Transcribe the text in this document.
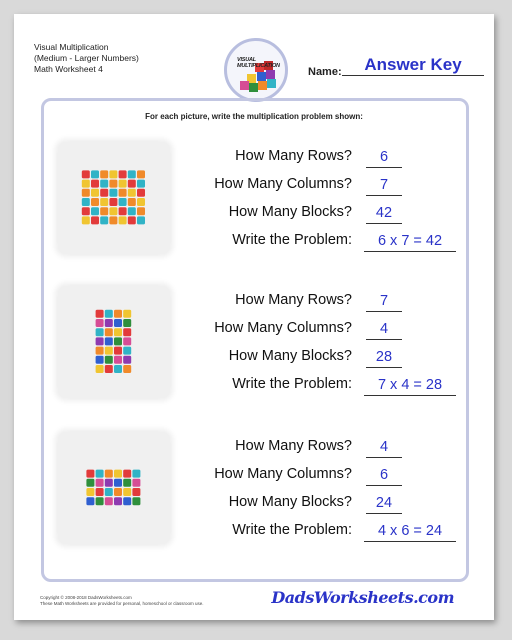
Visual Multiplication
(Medium - Larger Numbers)
Math Worksheet 4
VISUAL MULTIPLICATION	Name:	Answer Key
For each picture, write the multiplication problem shown:
How Many Rows?	6
How Many Columns?	7
How Many Blocks?	42
Write the Problem:	6 x 7 = 42
How Many Rows?	7
How Many Columns?	4
How Many Blocks?	28
Write the Problem:	7 x 4 = 28
How Many Rows?	4
How Many Columns?	6
How Many Blocks?	24
Write the Problem:	4 x 6 = 24
Copyright © 2008-2018 DadsWorksheets.com
These Math Worksheets are provided for personal, homeschool or classroom use.	DadsWorksheets.com
